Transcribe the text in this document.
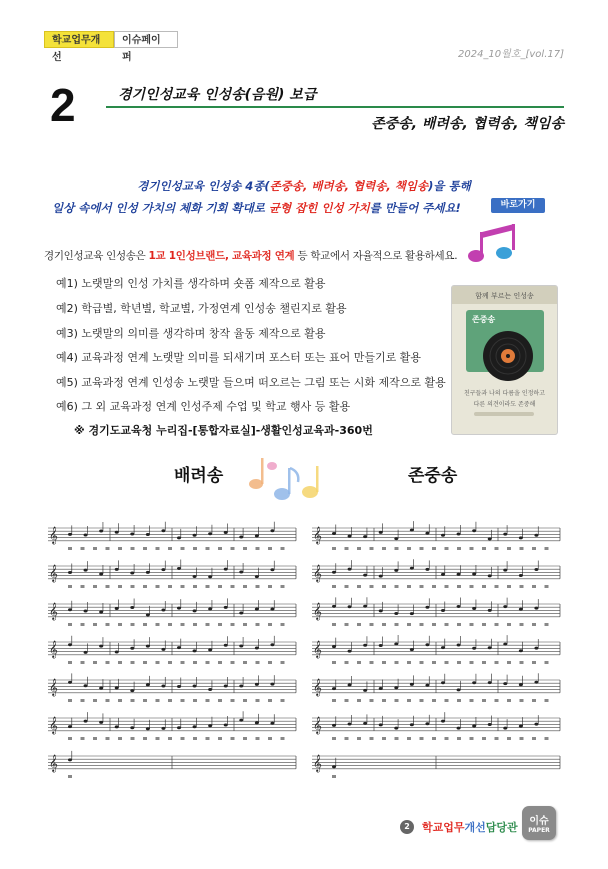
학교업무개선
이슈페이퍼	2024_10월호_[vol.17]
2	경기인성교육 인성송(음원) 보급
존중송, 배려송, 협력송, 책임송
경기인성교육 인성송 4종(존중송, 배려송, 협력송, 책임송)을 통해
일상 속에서 인성 가치의 체화 기회 확대로 균형 잡힌 인성 가치를 만들어 주세요!	바로가기
경기인성교육 인성송은 1교 1인성브랜드, 교육과정 연계 등 학교에서 자율적으로 활용하세요.
예1) 노랫말의 인성 가치를 생각하며 숏폼 제작으로 활용
예2) 학급별, 학년별, 학교별, 가정연계 인성송 챌린지로 활용
예3) 노랫말의 의미를 생각하며 창작 율동 제작으로 활용
예4) 교육과정 연계 노랫말 의미를 되새기며 포스터 또는 표어 만들기로 활용
예5) 교육과정 연계 인성송 노랫말 들으며 떠오르는 그림 또는 시화 제작으로 활용
예6) 그 외 교육과정 연계 인성주제 수업 및 학교 행사 등 활용
※ 경기도교육청 누리집-[통합자료실]-생활인성교육과-360번
함께 부르는 인성송
존중송
친구들과 나의 다름을 인정하고
다른 의견이라도 존중해
배려송	존중송
𝄞
𝄞
𝄞
𝄞
𝄞
𝄞
𝄞
𝄞
𝄞
𝄞
𝄞
𝄞
𝄞
𝄞
2	학교업무개선담당관	이슈
PAPER
